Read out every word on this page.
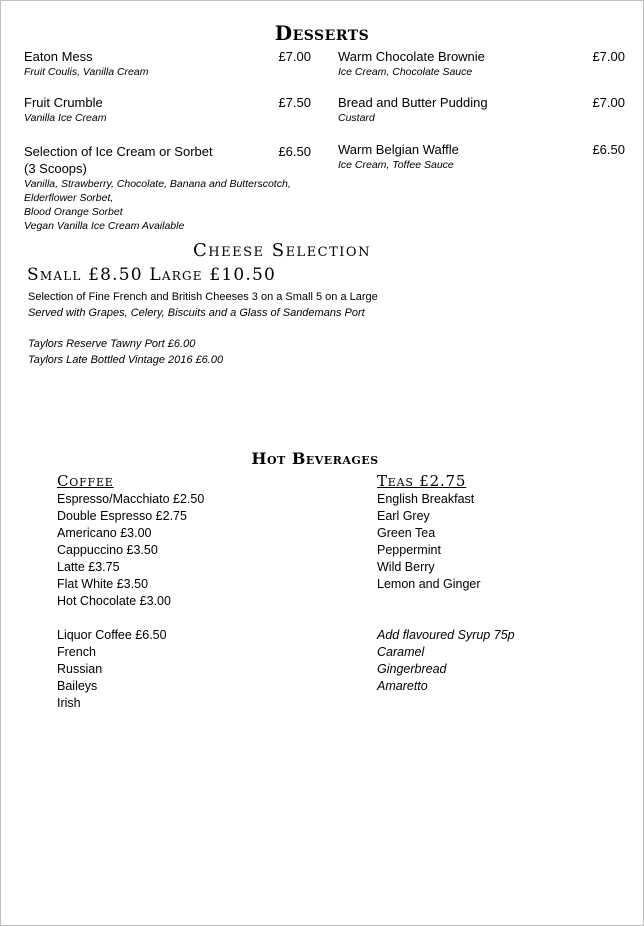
Desserts
Eaton Mess
Fruit Coulis, Vanilla Cream
£7.00 Warm Chocolate Brownie
Ice Cream, Chocolate Sauce
£7.00
Fruit Crumble
Vanilla Ice Cream
£7.50 Bread and Butter Pudding
Custard
£7.00
Selection of Ice Cream or Sorbet
(3 Scoops)
Vanilla, Strawberry, Chocolate, Banana and Butterscotch,
Elderflower Sorbet,
Blood Orange Sorbet
Vegan Vanilla Ice Cream Available
£6.50 Warm Belgian Waffle
Ice Cream, Toffee Sauce
£6.50
Cheese Selection
Small £8.50 Large £10.50
Selection of Fine French and British Cheeses 3 on a Small 5 on a Large
Served with Grapes, Celery, Biscuits and a Glass of Sandemans Port
Taylors Reserve Tawny Port £6.00
Taylors Late Bottled Vintage 2016 £6.00
Hot Beverages
Coffee
Espresso/Macchiato £2.50
Double Espresso £2.75
Americano £3.00
Cappuccino £3.50
Latte £3.75
Flat White £3.50
Hot Chocolate £3.00
Liquor Coffee £6.50
French
Russian
Baileys
Irish
Teas £2.75
English Breakfast
Earl Grey
Green Tea
Peppermint
Wild Berry
Lemon and Ginger
Add flavoured Syrup 75p
Caramel
Gingerbread
Amaretto
